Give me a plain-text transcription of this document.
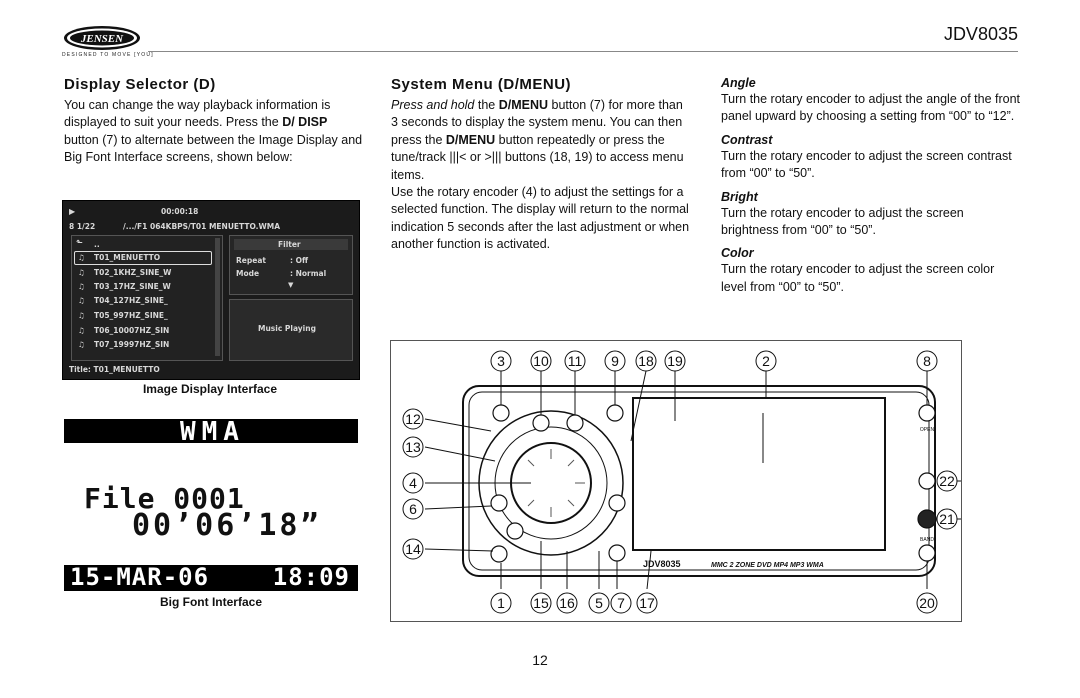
JENSEN
DESIGNED TO MOVE [YOU]
JDV8035
Display Selector (D)
You can change the way playback information is displayed to suit your needs. Press the D/ DISP button (7) to alternate between the Image Display and Big Font Interface screens, shown below:
▶	00:00:18
8 1/22	/.../F1 064KBPS/T01 MENUETTO.WMA
⬑ ..
♫ T01_MENUETTO
♫ T02_1KHZ_SINE_W
♫ T03_17HZ_SINE_W
♫ T04_127HZ_SINE_
♫ T05_997HZ_SINE_
♫ T06_10007HZ_SIN
♫ T07_19997HZ_SIN
Filter
Repeat	: Off
Mode	: Normal
▼
Music Playing
Title: T01_MENUETTO
Image Display Interface
WMA
File 0001
00’06’18”
15-MAR-06	18:09
Big Font Interface
System Menu (D/MENU)
Press and hold the D/MENU button (7) for more than 3 seconds to display the system menu. You can then press the D/MENU button repeatedly or press the tune/track |||< or >||| buttons (18, 19) to access menu items.
Use the rotary encoder (4) to adjust the settings for a selected function. The display will return to the normal indication 5 seconds after the last adjustment or when another function is activated.

Angle

Turn the rotary encoder to adjust the angle of the front panel upward by choosing a setting from “00” to “12”.

Contrast

Turn the rotary encoder to adjust the screen contrast from “00” to “50”.

Bright

Turn the rotary encoder to adjust the screen brightness from “00” to “50”.

Color

Turn the rotary encoder to adjust the screen color level from “00” to “50”.

3 10 11 9 18 19	2	8
12
13
4
6
14
22
21
1 15 16 5 7 17	20
JDV8035	MMC 2 ZONE DVD MP4 MP3 WMA
OPEN
BAND
12
